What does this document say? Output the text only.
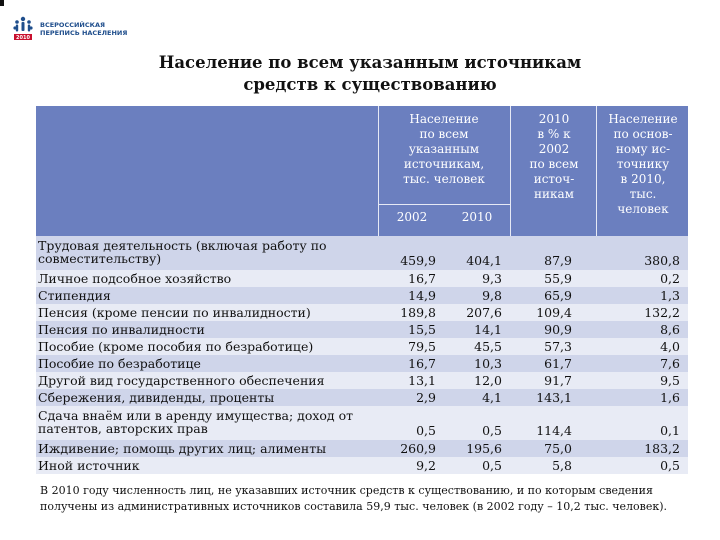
2010
ВСЕРОССИЙСКАЯ
ПЕРЕПИСЬ НАСЕЛЕНИЯ
Население по всем указанным источникам
средств к существованию
Население
по всем
указанным
источникам,
тыс. человек
2002	2010
2010
в % к
2002
по всем
источ-
никам
Население
по основ-
ному ис-
точнику
в 2010,
тыс.
человек
Трудовая деятельность (включая работу по
совместительству)	459,9	404,1	87,9	380,8
Личное подсобное хозяйство	16,7	9,3	55,9	0,2
Стипендия	14,9	9,8	65,9	1,3
Пенсия (кроме пенсии по инвалидности)	189,8	207,6	109,4	132,2
Пенсия по инвалидности	15,5	14,1	90,9	8,6
Пособие (кроме пособия по безработице)	79,5	45,5	57,3	4,0
Пособие по безработице	16,7	10,3	61,7	7,6
Другой вид государственного обеспечения	13,1	12,0	91,7	9,5
Сбережения, дивиденды, проценты	2,9	4,1	143,1	1,6
Сдача внаём или в аренду имущества; доход от
патентов, авторских прав	0,5	0,5	114,4	0,1
Иждивение; помощь других лиц; алименты	260,9	195,6	75,0	183,2
Иной источник	9,2	0,5	5,8	0,5
В 2010 году численность лиц, не указавших источник средств к существованию, и по которым сведения получены из административных источников составила 59,9 тыс. человек (в 2002 году – 10,2 тыс. человек).
